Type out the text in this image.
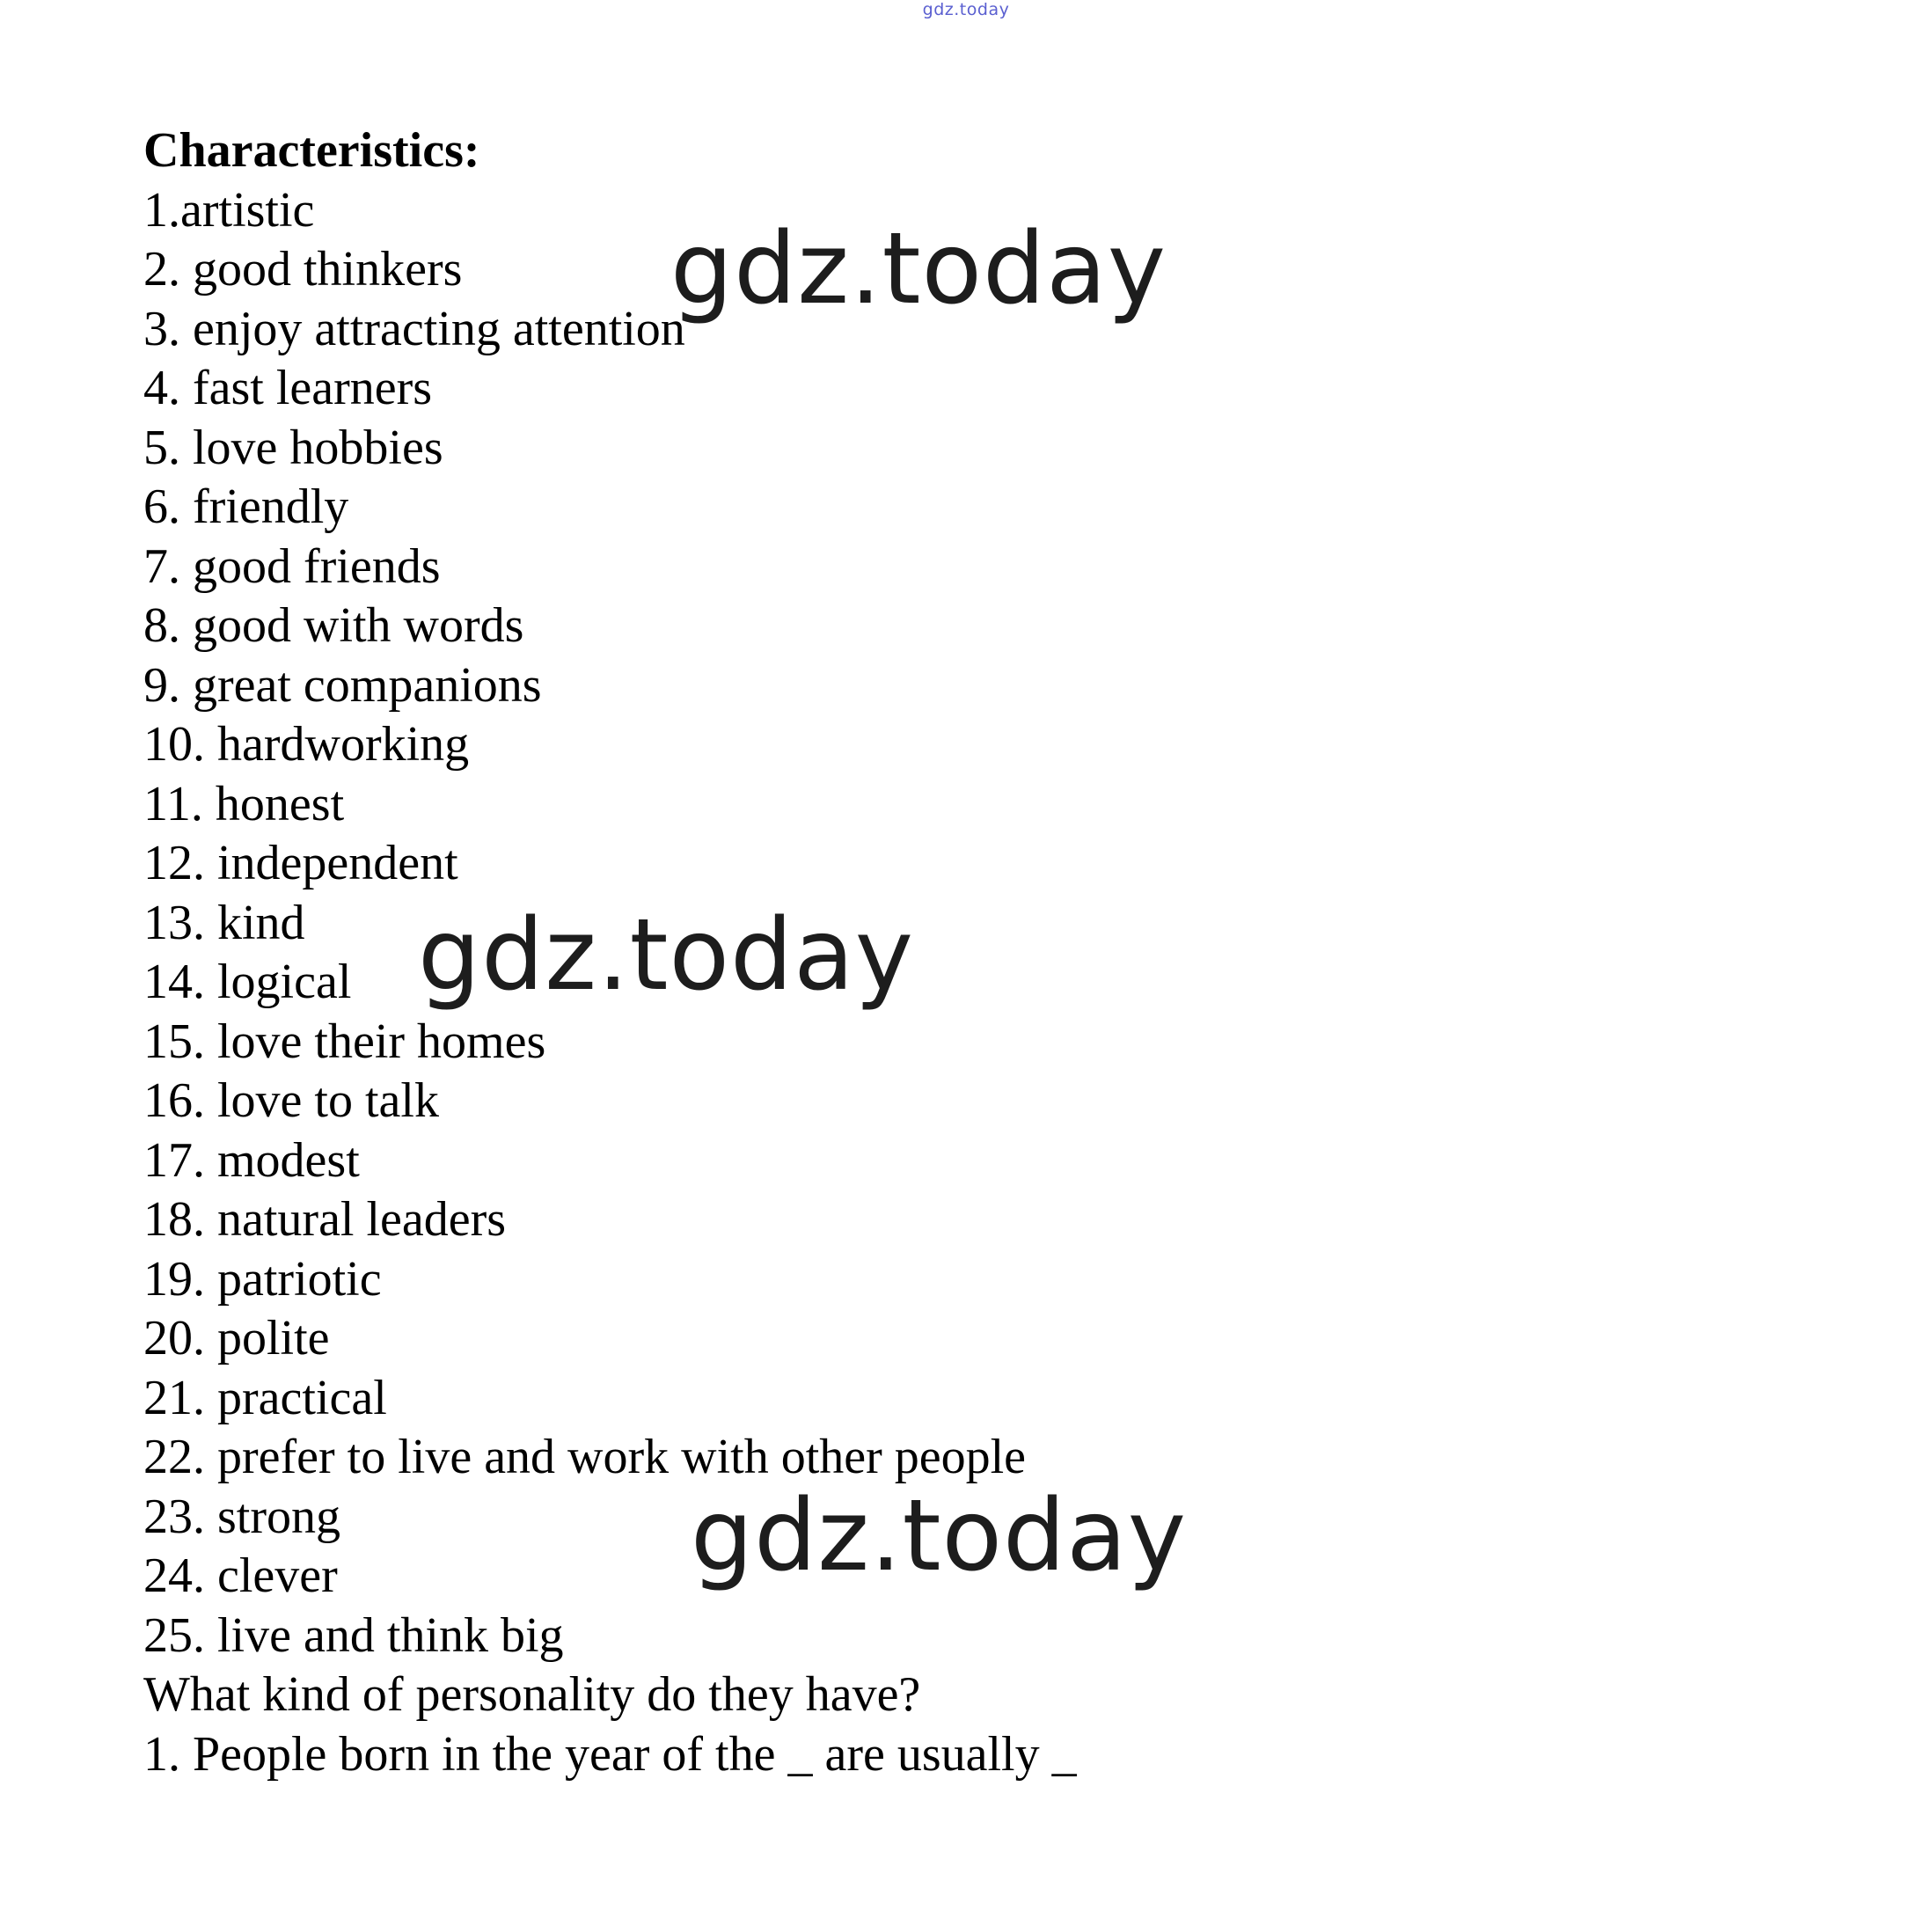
gdz.today
Characteristics:
1.artistic
2. good thinkers
3. enjoy attracting attention
4. fast learners
5. love hobbies
6. friendly
7. good friends
8. good with words
9. great companions
10. hardworking
11. honest
12. independent
13. kind
14. logical
15. love their homes
16. love to talk
17. modest
18. natural leaders
19. patriotic
20. polite
21. practical
22. prefer to live and work with other people
23. strong
24. clever
25. live and think big
What kind of personality do they have?
1. People born in the year of the _ are usually _
gdz.today
gdz.today
gdz.today
